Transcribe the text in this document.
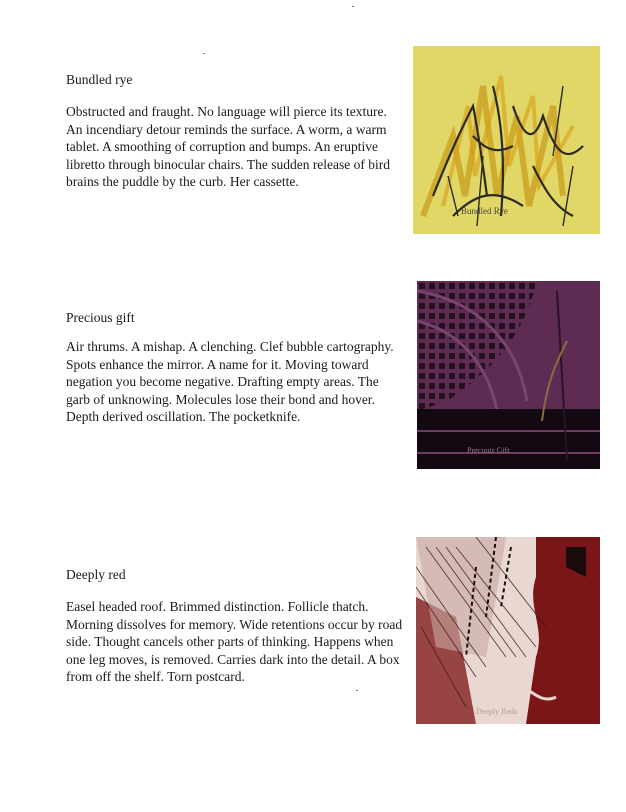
Bundled rye

Obstructed and fraught. No language will pierce its texture. An incendiary detour reminds the surface. A worm, a warm tablet. A smoothing of corruption and bumps. An eruptive libretto through binocular chairs. The sudden release of bird brains the puddle by the curb. Her cassette.

Bundled Rye
Precious gift

Air thrums. A mishap. A clenching. Clef bubble cartography. Spots enhance the mirror. A name for it. Moving toward negation you become negative. Drafting empty areas. The garb of unknowing. Molecules lose their bond and hover. Depth derived oscillation. The pocketknife.

Precious Gift
Deeply red

Easel headed roof. Brimmed distinction. Follicle thatch. Morning dissolves for memory. Wide retentions occur by road side. Thought cancels other parts of thinking. Happens when one leg moves, is removed. Carries dark into the detail. A box from off the shelf. Torn postcard.

Deeply Reds
